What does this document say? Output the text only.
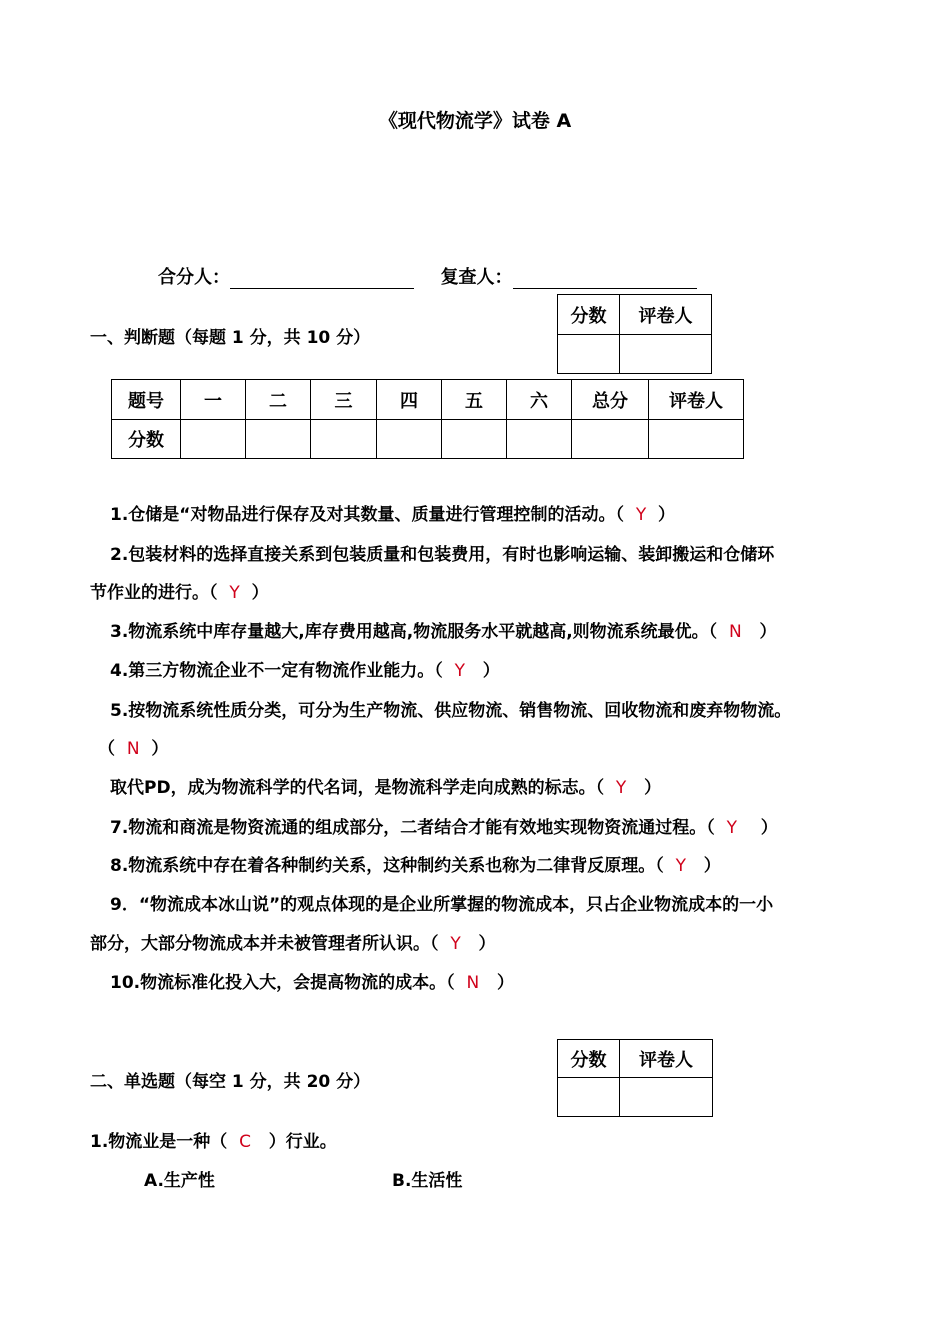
《现代物流学》试卷 A
合分人：	复查人：
分数	评卷人

一、判断题（每题 1 分，共 10 分）
题号	一	二	三	四	五	六	总分	评卷人
分数								
1.仓储是“对物品进行保存及对其数量、质量进行管理控制的活动。（ Y ）
2.包装材料的选择直接关系到包装质量和包装费用，有时也影响运输、装卸搬运和仓储环
节作业的进行。（ Y ）
3.物流系统中库存量越大,库存费用越高,物流服务水平就越高,则物流系统最优。（ N ）
4.第三方物流企业不一定有物流作业能力。（ Y ）
5.按物流系统性质分类，可分为生产物流、供应物流、销售物流、回收物流和废弃物物流。
（ N ）
取代PD，成为物流科学的代名词，是物流科学走向成熟的标志。（ Y ）
7.物流和商流是物资流通的组成部分，二者结合才能有效地实现物资流通过程。（ Y ）
8.物流系统中存在着各种制约关系，这种制约关系也称为二律背反原理。（ Y ）
9．“物流成本冰山说”的观点体现的是企业所掌握的物流成本，只占企业物流成本的一小
部分，大部分物流成本并未被管理者所认识。（ Y ）
10.物流标准化投入大，会提高物流的成本。（ N ）
分数	评卷人

二、单选题（每空 1 分，共 20 分）
1.物流业是一种（ C ）行业。
A.生产性	B.生活性
